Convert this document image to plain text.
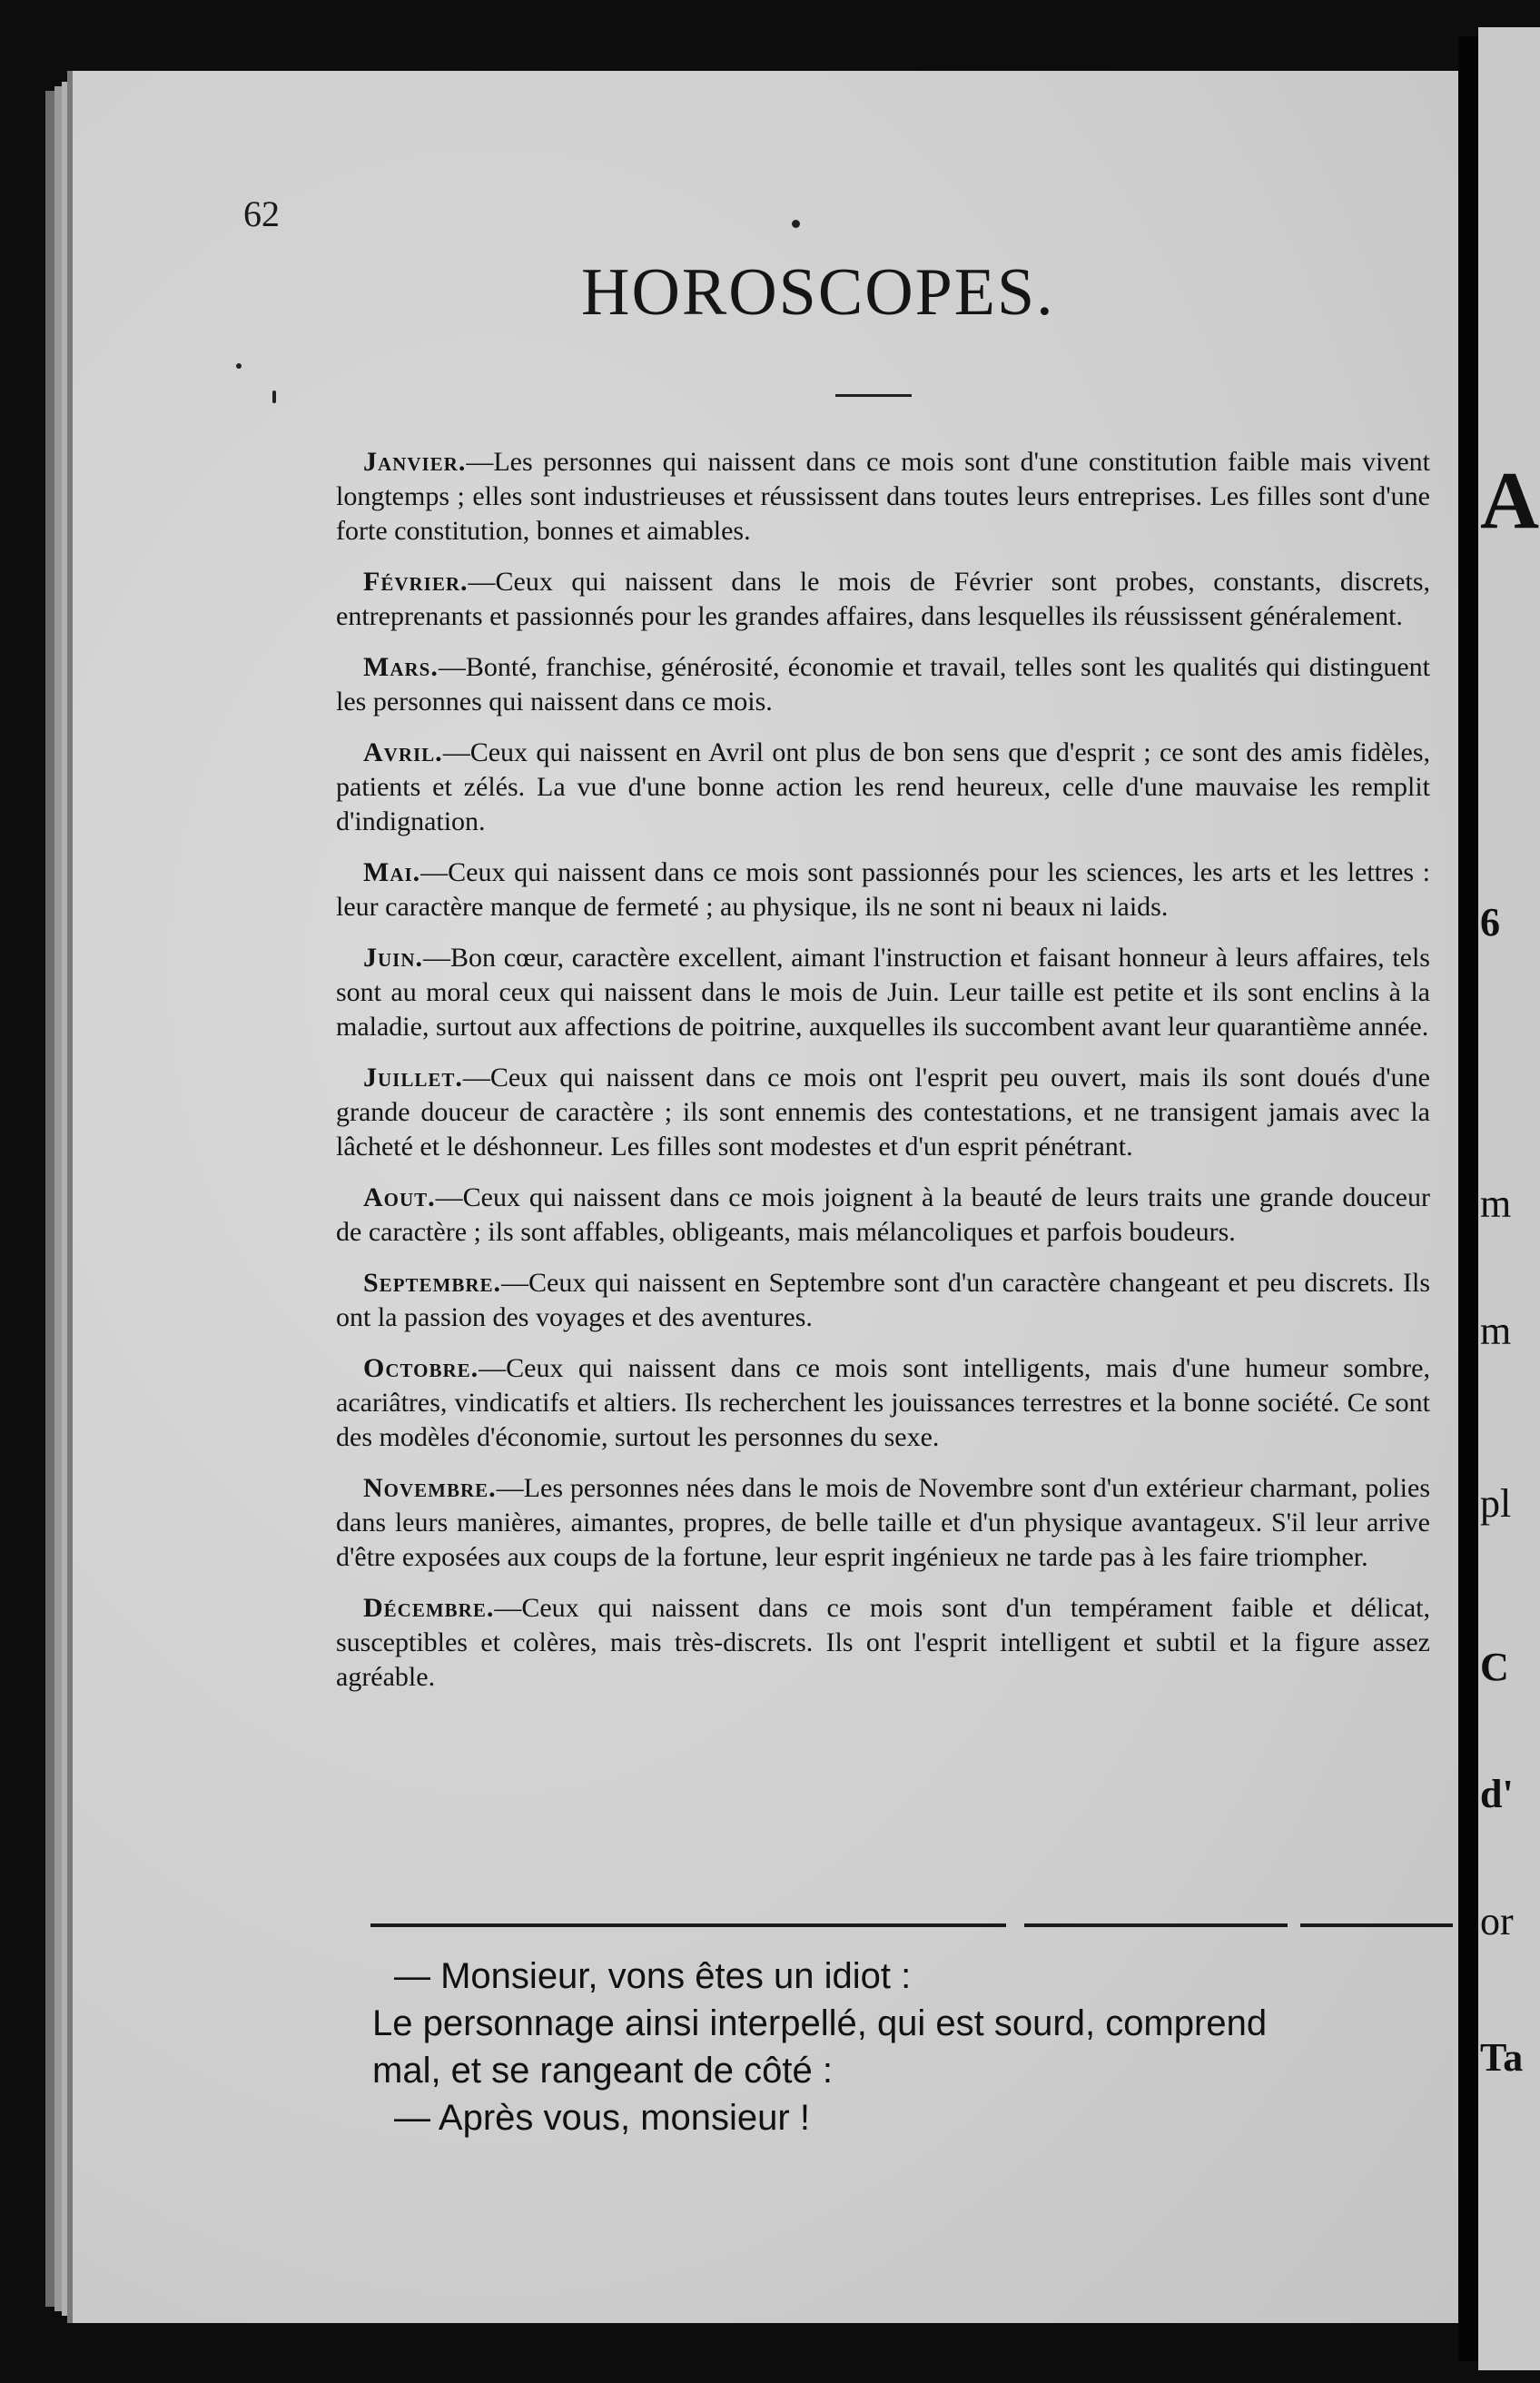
62
HOROSCOPES.

Janvier.—Les personnes qui naissent dans ce mois sont d'une constitution faible mais vivent longtemps ; elles sont industrieuses et réussissent dans toutes leurs entreprises. Les filles sont d'une forte constitution, bonnes et aimables.

Février.—Ceux qui naissent dans le mois de Février sont probes, constants, discrets, entreprenants et passionnés pour les grandes affaires, dans lesquelles ils réussissent généralement.

Mars.—Bonté, franchise, générosité, économie et travail, telles sont les qualités qui distinguent les personnes qui naissent dans ce mois.

Avril.—Ceux qui naissent en Avril ont plus de bon sens que d'esprit ; ce sont des amis fidèles, patients et zélés. La vue d'une bonne action les rend heureux, celle d'une mauvaise les remplit d'indignation.

Mai.—Ceux qui naissent dans ce mois sont passionnés pour les sciences, les arts et les lettres : leur caractère manque de fermeté ; au physique, ils ne sont ni beaux ni laids.

Juin.—Bon cœur, caractère excellent, aimant l'instruction et faisant honneur à leurs affaires, tels sont au moral ceux qui naissent dans le mois de Juin. Leur taille est petite et ils sont enclins à la maladie, surtout aux affections de poitrine, auxquelles ils succombent avant leur quarantième année.

Juillet.—Ceux qui naissent dans ce mois ont l'esprit peu ouvert, mais ils sont doués d'une grande douceur de caractère ; ils sont ennemis des contestations, et ne transigent jamais avec la lâcheté et le déshonneur. Les filles sont modestes et d'un esprit pénétrant.

Aout.—Ceux qui naissent dans ce mois joignent à la beauté de leurs traits une grande douceur de caractère ; ils sont affables, obligeants, mais mélancoliques et parfois boudeurs.

Septembre.—Ceux qui naissent en Septembre sont d'un caractère changeant et peu discrets. Ils ont la passion des voyages et des aventures.

Octobre.—Ceux qui naissent dans ce mois sont intelligents, mais d'une humeur sombre, acariâtres, vindicatifs et altiers. Ils recherchent les jouissances terrestres et la bonne société. Ce sont des modèles d'économie, surtout les personnes du sexe.

Novembre.—Les personnes nées dans le mois de Novembre sont d'un extérieur charmant, polies dans leurs manières, aimantes, propres, de belle taille et d'un physique avantageux. S'il leur arrive d'être exposées aux coups de la fortune, leur esprit ingénieux ne tarde pas à les faire triompher.

Décembre.—Ceux qui naissent dans ce mois sont d'un tempérament faible et délicat, susceptibles et colères, mais très-discrets. Ils ont l'esprit intelligent et subtil et la figure assez agréable.

— Monsieur, vons êtes un idiot :

Le personnage ainsi interpellé, qui est sourd, comprend

mal, et se rangeant de côté :

— Après vous, monsieur !

A
6
m
m
pl
C
d'
or
Ta
